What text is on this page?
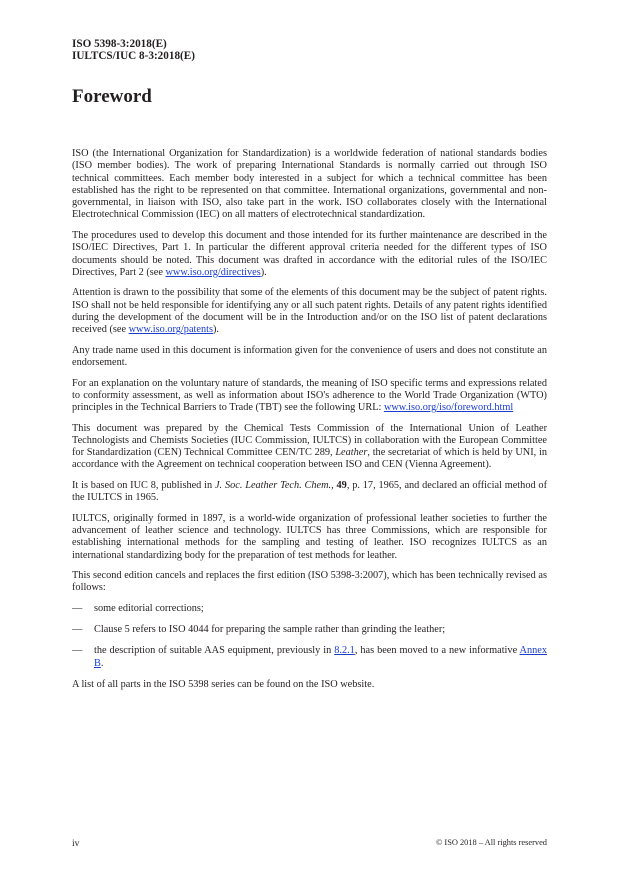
ISO 5398-3:2018(E)
IULTCS/IUC 8-3:2018(E)
Foreword

ISO (the International Organization for Standardization) is a worldwide federation of national standards bodies (ISO member bodies). The work of preparing International Standards is normally carried out through ISO technical committees. Each member body interested in a subject for which a technical committee has been established has the right to be represented on that committee. International organizations, governmental and non-governmental, in liaison with ISO, also take part in the work. ISO collaborates closely with the International Electrotechnical Commission (IEC) on all matters of electrotechnical standardization.

The procedures used to develop this document and those intended for its further maintenance are described in the ISO/IEC Directives, Part 1. In particular the different approval criteria needed for the different types of ISO documents should be noted. This document was drafted in accordance with the editorial rules of the ISO/IEC Directives, Part 2 (see www.iso.org/directives).

Attention is drawn to the possibility that some of the elements of this document may be the subject of patent rights. ISO shall not be held responsible for identifying any or all such patent rights. Details of any patent rights identified during the development of the document will be in the Introduction and/or on the ISO list of patent declarations received (see www.iso.org/patents).

Any trade name used in this document is information given for the convenience of users and does not constitute an endorsement.

For an explanation on the voluntary nature of standards, the meaning of ISO specific terms and expressions related to conformity assessment, as well as information about ISO's adherence to the World Trade Organization (WTO) principles in the Technical Barriers to Trade (TBT) see the following URL: www.iso.org/iso/foreword.html

This document was prepared by the Chemical Tests Commission of the International Union of Leather Technologists and Chemists Societies (IUC Commission, IULTCS) in collaboration with the European Committee for Standardization (CEN) Technical Committee CEN/TC 289, Leather, the secretariat of which is held by UNI, in accordance with the Agreement on technical cooperation between ISO and CEN (Vienna Agreement).

It is based on IUC 8, published in J. Soc. Leather Tech. Chem., 49, p. 17, 1965, and declared an official method of the IULTCS in 1965.

IULTCS, originally formed in 1897, is a world-wide organization of professional leather societies to further the advancement of leather science and technology. IULTCS has three Commissions, which are responsible for establishing international methods for the sampling and testing of leather. ISO recognizes IULTCS as an international standardizing body for the preparation of test methods for leather.

This second edition cancels and replaces the first edition (ISO 5398-3:2007), which has been technically revised as follows:

—	some editorial corrections;
—	Clause 5 refers to ISO 4044 for preparing the sample rather than grinding the leather;
—	the description of suitable AAS equipment, previously in 8.2.1, has been moved to a new informative Annex B.

A list of all parts in the ISO 5398 series can be found on the ISO website.

iv	© ISO 2018 – All rights reserved
